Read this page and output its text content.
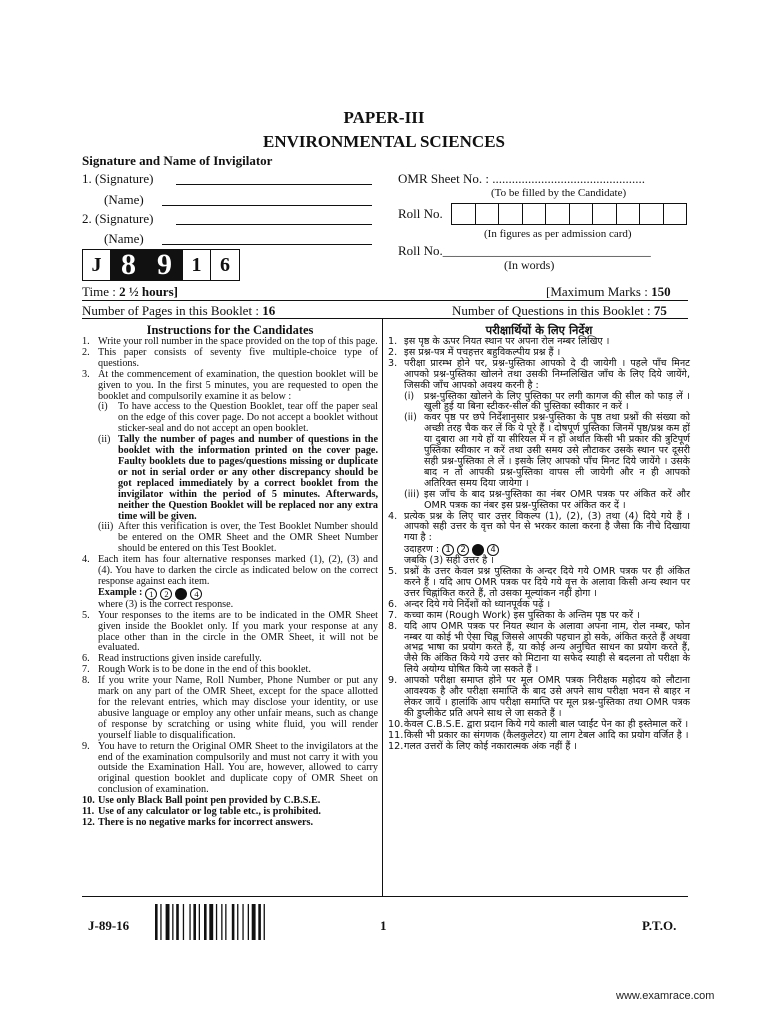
PAPER-III
ENVIRONMENTAL SCIENCES
Signature and Name of Invigilator
1. (Signature)
(Name)
2. (Signature)
(Name)
OMR Sheet No. : ...............................................
(To be filled by the Candidate)
Roll No.
(In figures as per admission card)
Roll No.________________________________
(In words)
J 8 9 1 6
Time : 2 ½ hours]	[Maximum Marks : 150
Number of Pages in this Booklet : 16	Number of Questions in this Booklet : 75
Instructions for the Candidates
1. Write your roll number in the space provided on the top of this page.
2. This paper consists of seventy five multiple-choice type of questions.
3. At the commencement of examination, the question booklet will be given to you. In the first 5 minutes, you are requested to open the booklet and compulsorily examine it as below :
(i)	To have access to the Question Booklet, tear off the paper seal on the edge of this cover page. Do not accept a booklet without sticker-seal and do not accept an open booklet.
(ii) Tally the number of pages and number of questions in the booklet with the information printed on the cover page. Faulty booklets due to pages/questions missing or duplicate or not in serial order or any other discrepancy should be got replaced immediately by a correct booklet from the invigilator within the period of 5 minutes. Afterwards, neither the Question Booklet will be replaced nor any extra time will be given.
(iii) After this verification is over, the Test Booklet Number should be entered on the OMR Sheet and the OMR Sheet Number should be entered on this Test Booklet.
4. Each item has four alternative responses marked (1), (2), (3) and (4). You have to darken the circle as indicated below on the correct response against each item.
Example : 1	2	3	4
where (3) is the correct response.
5. Your responses to the items are to be indicated in the OMR Sheet given inside the Booklet only. If you mark your response at any place other than in the circle in the OMR Sheet, it will not be evaluated.
6. Read instructions given inside carefully.
7. Rough Work is to be done in the end of this booklet.
8. If you write your Name, Roll Number, Phone Number or put any mark on any part of the OMR Sheet, except for the space allotted for the relevant entries, which may disclose your identity, or use abusive language or employ any other unfair means, such as change of response by scratching or using white fluid, you will render yourself liable to disqualification.
9. You have to return the Original OMR Sheet to the invigilators at the end of the examination compulsorily and must not carry it with you outside the Examination Hall. You are, however, allowed to carry original question booklet and duplicate copy of OMR Sheet on conclusion of examination.
10. Use only Black Ball point pen provided by C.B.S.E.
11. Use of any calculator or log table etc., is prohibited.
12. There is no negative marks for incorrect answers.
परीक्षार्थियों के लिए निर्देश
1. इस पृष्ठ के ऊपर नियत स्थान पर अपना रोल नम्बर लिखिए ।
2. इस प्रश्न-पत्र में पचहत्तर बहुविकल्पीय प्रश्न हैं ।
3. परीक्षा प्रारम्भ होने पर, प्रश्न-पुस्तिका आपको दे दी जायेगी । पहले पाँच मिनट आपको प्रश्न-पुस्तिका खोलने तथा उसकी निम्नलिखित जाँच के लिए दिये जायेंगे, जिसकी जाँच आपको अवश्य करनी है :
(i)	प्रश्न-पुस्तिका खोलने के लिए पुस्तिका पर लगी कागज की सील को फाड़ लें । खुली हुई या बिना स्टीकर-सील की पुस्तिका स्वीकार न करें ।
(ii) कवर पृष्ठ पर छपे निर्देशानुसार प्रश्न-पुस्तिका के पृष्ठ तथा प्रश्नों की संख्या को अच्छी तरह चैक कर लें कि ये पूरे हैं । दोषपूर्ण पुस्तिका जिनमें पृष्ठ/प्रश्न कम हों या दुबारा आ गये हों या सीरियल में न हों अर्थात किसी भी प्रकार की त्रुटिपूर्ण पुस्तिका स्वीकार न करें तथा उसी समय उसे लौटाकर उसके स्थान पर दूसरी सही प्रश्न-पुस्तिका ले लें । इसके लिए आपको पाँच मिनट दिये जायेंगे । उसके बाद न तो आपकी प्रश्न-पुस्तिका वापस ली जायेगी और न ही आपको अतिरिक्त समय दिया जायेगा ।
(iii) इस जाँच के बाद प्रश्न-पुस्तिका का नंबर OMR पत्रक पर अंकित करें और OMR पत्रक का नंबर इस प्रश्न-पुस्तिका पर अंकित कर दें ।
4. प्रत्येक प्रश्न के लिए चार उत्तर विकल्प (1), (2), (3) तथा (4) दिये गये हैं । आपको सही उत्तर के वृत्त को पेन से भरकर काला करना है जैसा कि नीचे दिखाया गया है :
उदाहरण : 1	2	3	4
जबकि (3) सही उत्तर है ।
5. प्रश्नों के उत्तर केवल प्रश्न पुस्तिका के अन्दर दिये गये OMR पत्रक पर ही अंकित करने हैं । यदि आप OMR पत्रक पर दिये गये वृत्त के अलावा किसी अन्य स्थान पर उत्तर चिह्नांकित करते हैं, तो उसका मूल्यांकन नहीं होगा ।
6. अन्दर दिये गये निर्देशों को ध्यानपूर्वक पढ़ें ।
7. कच्चा काम (Rough Work) इस पुस्तिका के अन्तिम पृष्ठ पर करें ।
8. यदि आप OMR पत्रक पर नियत स्थान के अलावा अपना नाम, रोल नम्बर, फोन नम्बर या कोई भी ऐसा चिह्न जिससे आपकी पहचान हो सके, अंकित करते हैं अथवा अभद्र भाषा का प्रयोग करते हैं, या कोई अन्य अनुचित साधन का प्रयोग करते हैं, जैसे कि अंकित किये गये उत्तर को मिटाना या सफेद स्याही से बदलना तो परीक्षा के लिये अयोग्य घोषित किये जा सकते हैं ।
9. आपको परीक्षा समाप्त होने पर मूल OMR पत्रक निरीक्षक महोदय को लौटाना आवश्यक है और परीक्षा समाप्ति के बाद उसे अपने साथ परीक्षा भवन से बाहर न लेकर जायें । हालांकि आप परीक्षा समाप्ति पर मूल प्रश्न-पुस्तिका तथा OMR पत्रक की डुप्लीकेट प्रति अपने साथ ले जा सकते हैं ।
10. केवल C.B.S.E. द्वारा प्रदान किये गये काली बाल प्वाईंट पेन का ही इस्तेमाल करें ।
11. किसी भी प्रकार का संगणक (कैलकुलेटर) या लाग टेबल आदि का प्रयोग वर्जित है ।
12. गलत उत्तरों के लिए कोई नकारात्मक अंक नहीं हैं ।
J-89-16	1	P.T.O.
www.examrace.com
